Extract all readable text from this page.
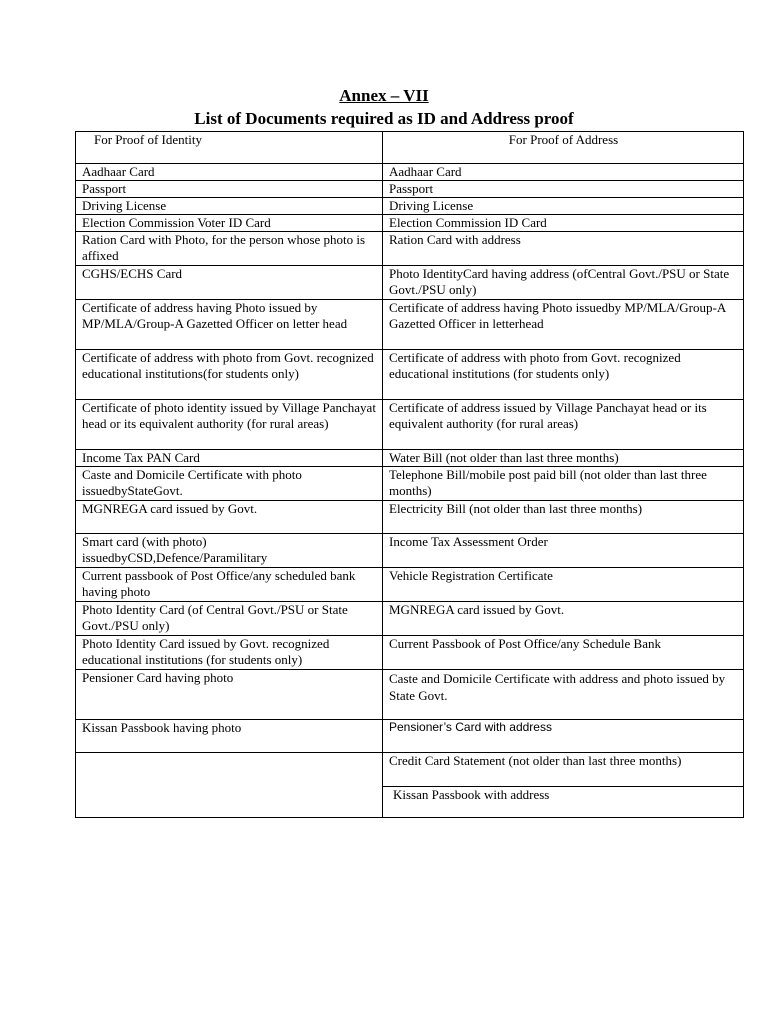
Annex – VII
List of Documents required as ID and Address proof
For Proof of Identity	For Proof of Address
Aadhaar Card	Aadhaar Card
Passport	Passport
Driving License	Driving License
Election Commission Voter ID Card	Election Commission ID Card
Ration Card with Photo, for the person whose photo is affixed	Ration Card with address
CGHS/ECHS Card	Photo IdentityCard having address (ofCentral Govt./PSU or State Govt./PSU only)
Certificate of address having Photo issued by MP/MLA/Group-A Gazetted Officer on letter head	Certificate of address having Photo issuedby MP/MLA/Group-A Gazetted Officer in letterhead
Certificate of address with photo from Govt. recognized educational institutions(for students only)	Certificate of address with photo from Govt. recognized educational institutions (for students only)
Certificate of photo identity issued by Village Panchayat head or its equivalent authority (for rural areas)	Certificate of address issued by Village Panchayat head or its equivalent authority (for rural areas)
Income Tax PAN Card	Water Bill (not older than last three months)
Caste and Domicile Certificate with photo issuedbyStateGovt.	Telephone Bill/mobile post paid bill (not older than last three months)
MGNREGA card issued by Govt.	Electricity Bill (not older than last three months)
Smart card (with photo) issuedbyCSD,Defence/Paramilitary	Income Tax Assessment Order
Current passbook of Post Office/any scheduled bank having photo	Vehicle Registration Certificate
Photo Identity Card (of Central Govt./PSU or State Govt./PSU only)	MGNREGA card issued by Govt.
Photo Identity Card issued by Govt. recognized educational institutions (for students only)	Current Passbook of Post Office/any Schedule Bank
Pensioner Card having photo	Caste and Domicile Certificate with address and photo issued by State Govt.
Kissan Passbook having photo	Pensioner’s Card with address
	Credit Card Statement (not older than last three months)
	Kissan Passbook with address
